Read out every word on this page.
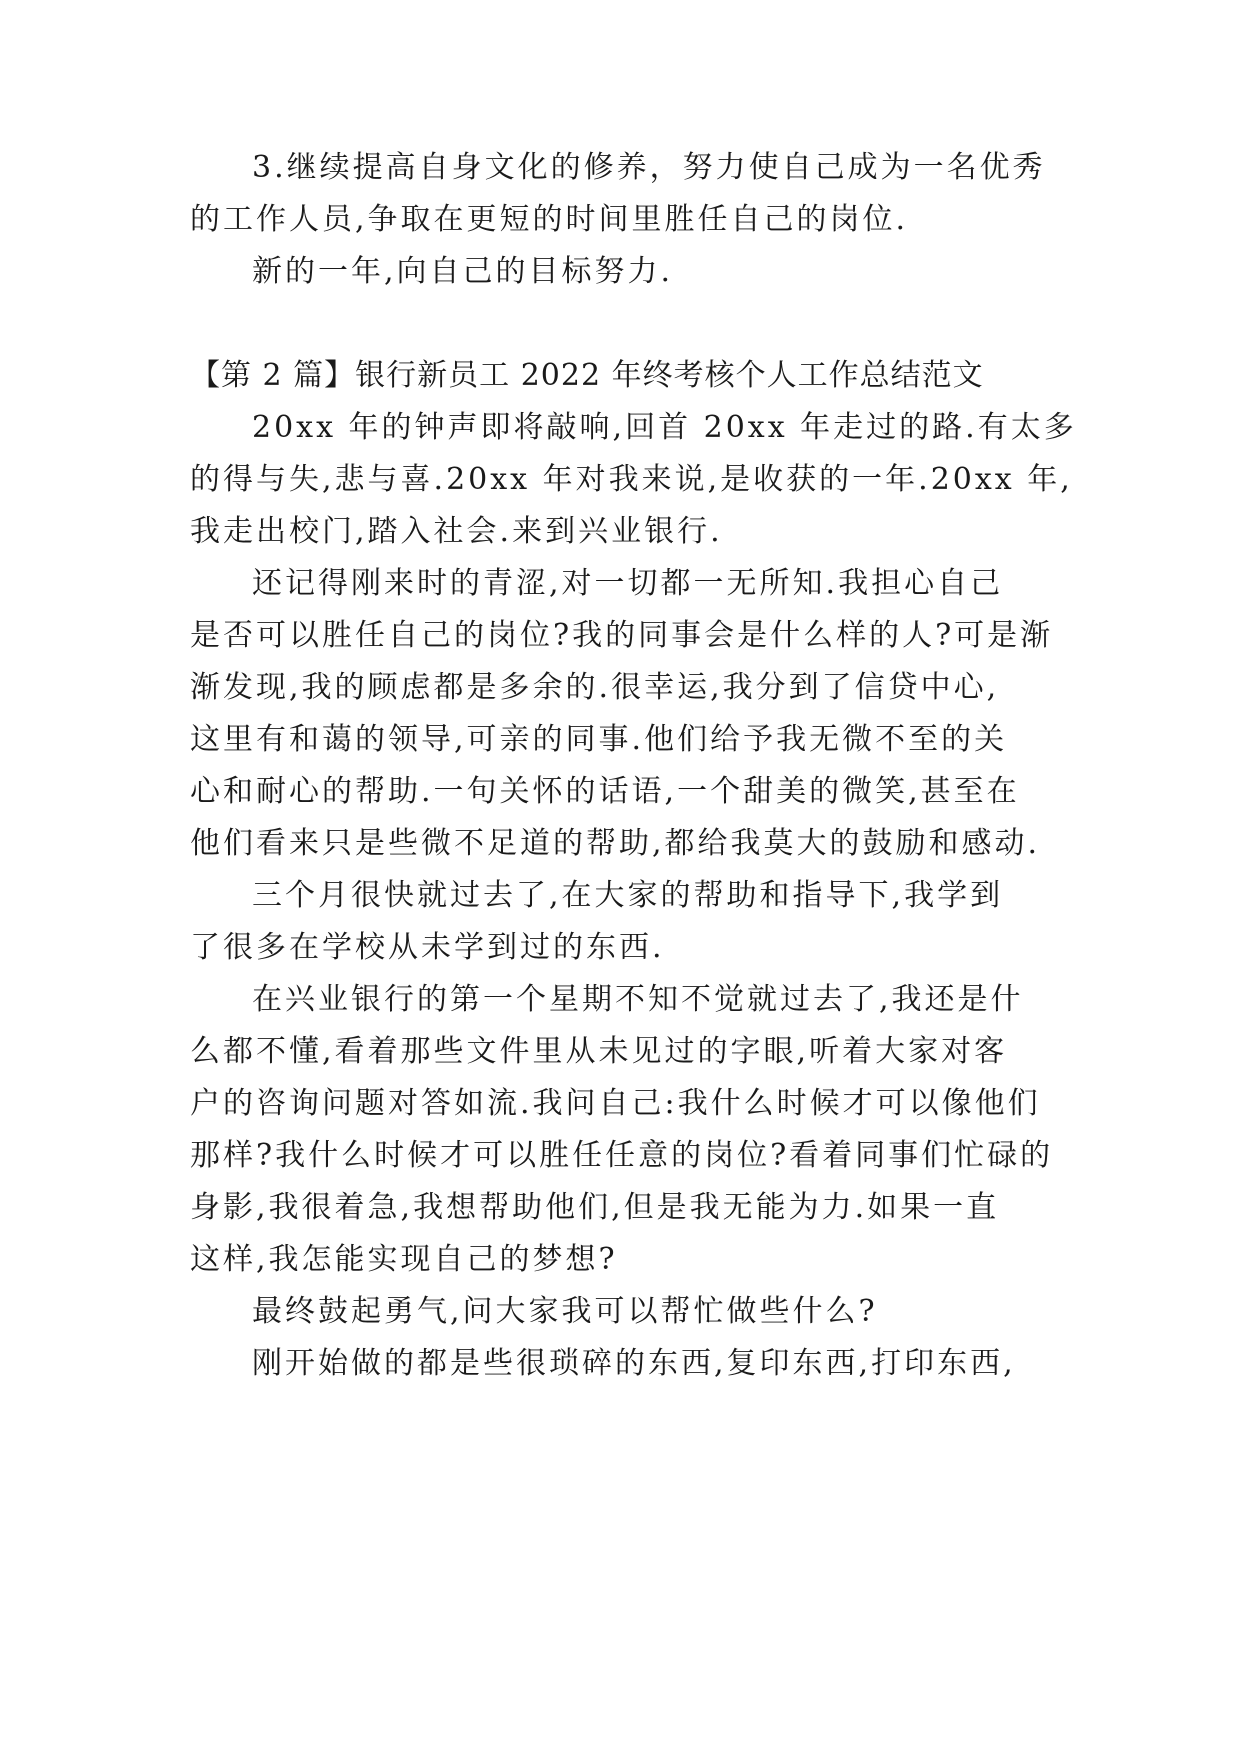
3.继续提高自身文化的修养，努力使自己成为一名优秀
的工作人员,争取在更短的时间里胜任自己的岗位.
新的一年,向自己的目标努力.
【第 2 篇】银行新员工 2022 年终考核个人工作总结范文
20xx 年的钟声即将敲响,回首 20xx 年走过的路.有太多
的得与失,悲与喜.20xx 年对我来说,是收获的一年.20xx 年,
我走出校门,踏入社会.来到兴业银行.
还记得刚来时的青涩,对一切都一无所知.我担心自己
是否可以胜任自己的岗位?我的同事会是什么样的人?可是渐
渐发现,我的顾虑都是多余的.很幸运,我分到了信贷中心,
这里有和蔼的领导,可亲的同事.他们给予我无微不至的关
心和耐心的帮助.一句关怀的话语,一个甜美的微笑,甚至在
他们看来只是些微不足道的帮助,都给我莫大的鼓励和感动.
三个月很快就过去了,在大家的帮助和指导下,我学到
了很多在学校从未学到过的东西.
在兴业银行的第一个星期不知不觉就过去了,我还是什
么都不懂,看着那些文件里从未见过的字眼,听着大家对客
户的咨询问题对答如流.我问自己:我什么时候才可以像他们
那样?我什么时候才可以胜任任意的岗位?看着同事们忙碌的
身影,我很着急,我想帮助他们,但是我无能为力.如果一直
这样,我怎能实现自己的梦想?
最终鼓起勇气,问大家我可以帮忙做些什么?
刚开始做的都是些很琐碎的东西,复印东西,打印东西,
